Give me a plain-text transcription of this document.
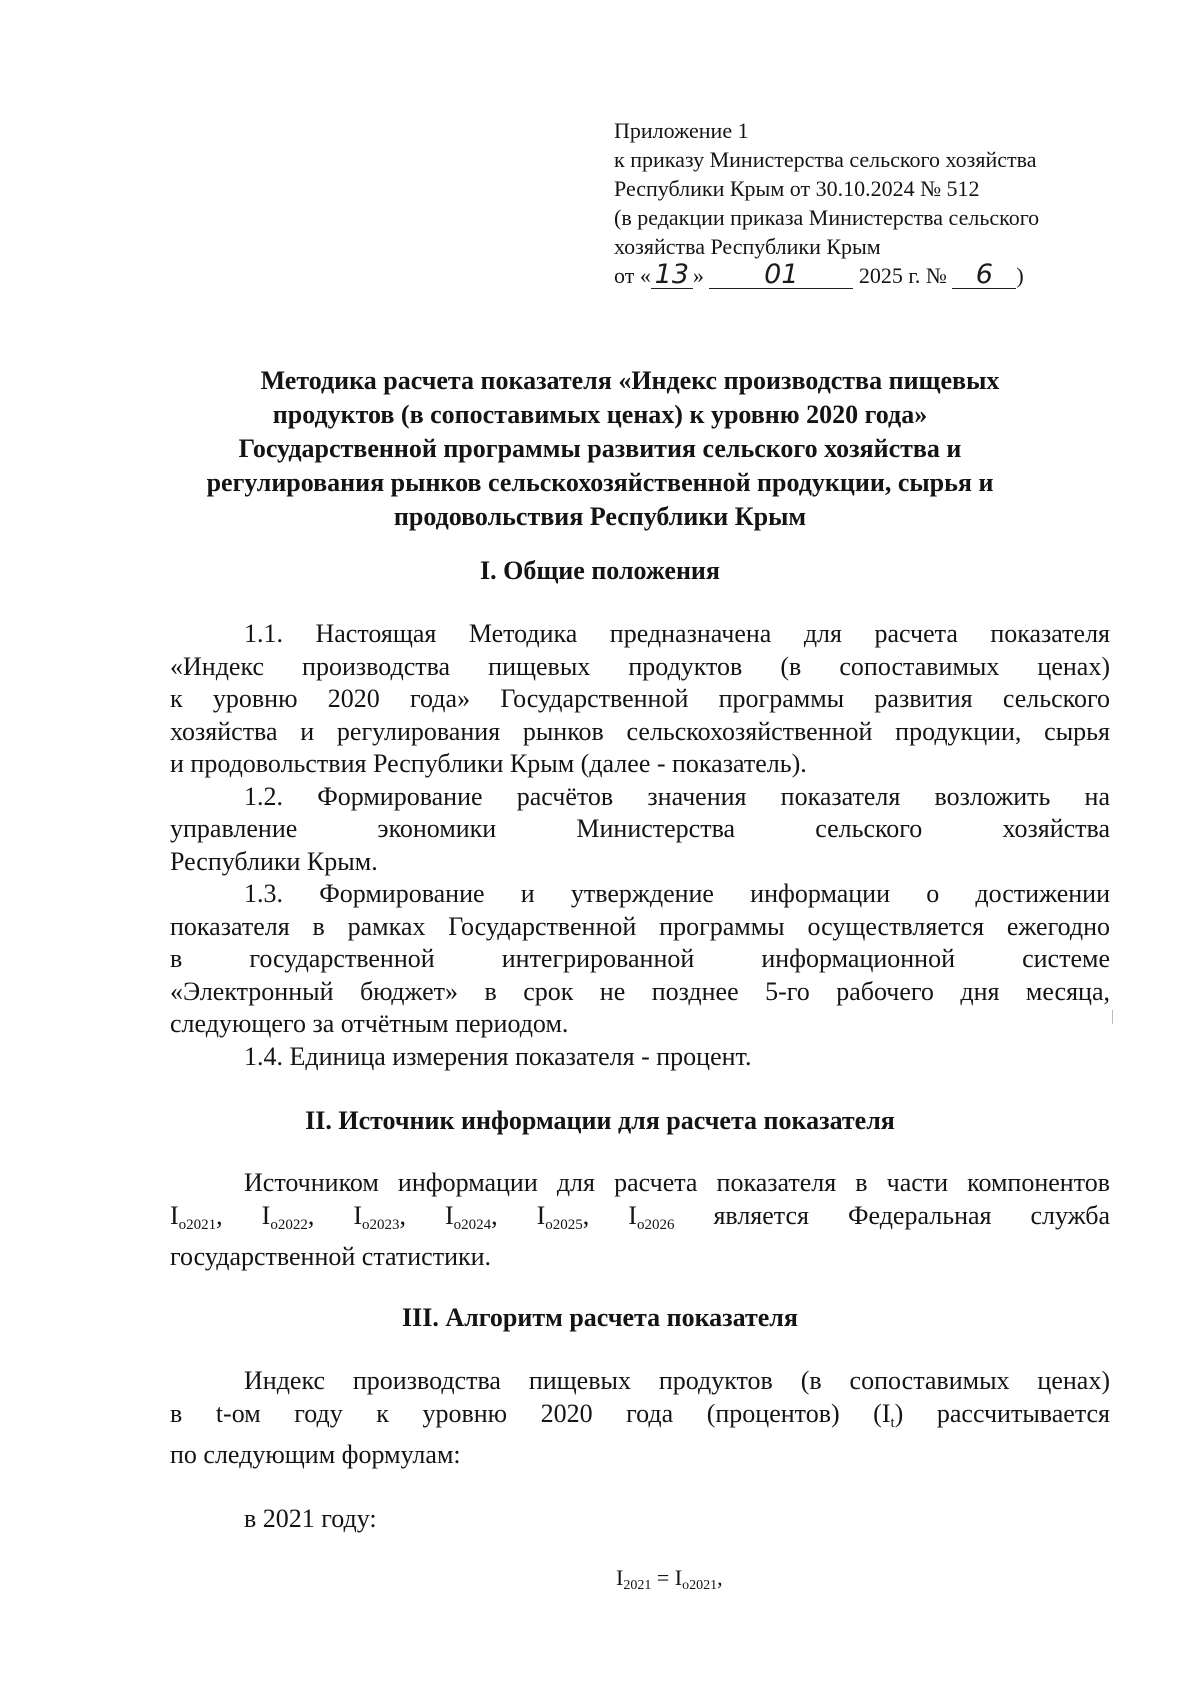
Приложение 1
к приказу Министерства сельского хозяйства
Республики Крым от 30.10.2024 № 512
(в редакции приказа Министерства сельского
хозяйства Республики Крым
от « 13 » 01	2025 г. № 6 )
Методика расчета показателя «Индекс производства пищевых
продуктов (в сопоставимых ценах) к уровню 2020 года»
Государственной программы развития сельского хозяйства и
регулирования рынков сельскохозяйственной продукции, сырья и
продовольствия Республики Крым
I. Общие положения
1.1. Настоящая Методика предназначена для расчета показателя
«Индекс производства пищевых продуктов (в сопоставимых ценах)
к уровню 2020 года» Государственной программы развития сельского
хозяйства и регулирования рынков сельскохозяйственной продукции, сырья
и продовольствия Республики Крым (далее - показатель).
1.2. Формирование расчётов значения показателя возложить на
управление экономики Министерства сельского хозяйства
Республики Крым.
1.3. Формирование и утверждение информации о достижении
показателя в рамках Государственной программы осуществляется ежегодно
в государственной интегрированной информационной системе
«Электронный бюджет» в срок не позднее 5-го рабочего дня месяца,
следующего за отчётным периодом.
1.4. Единица измерения показателя - процент.
II. Источник информации для расчета показателя
Источником информации для расчета показателя в части компонентов
$I_{o2021}$, $I_{o2022}$, $I_{o2023}$, $I_{o2024}$, $I_{o2025}$, $I_{o2026}$ является Федеральная служба
государственной статистики.
III. Алгоритм расчета показателя
Индекс производства пищевых продуктов (в сопоставимых ценах)
в t-ом году к уровню 2020 года (процентов) $(I_t)$ рассчитывается
по следующим формулам:
в 2021 году:
$I_{2021} = I_{o2021}$,
